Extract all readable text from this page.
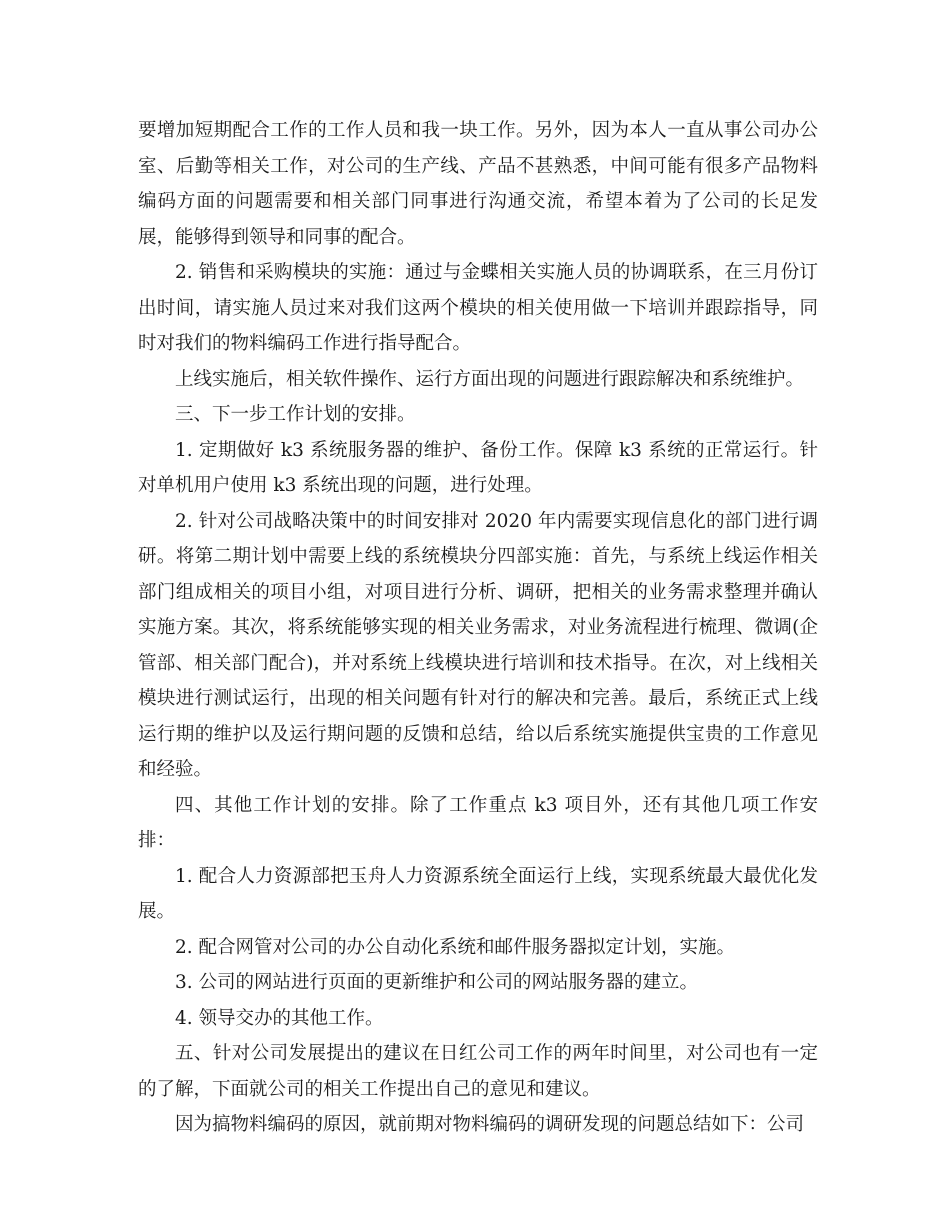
要增加短期配合工作的工作人员和我一块工作。另外，因为本人一直从事公司办公室、后勤等相关工作，对公司的生产线、产品不甚熟悉，中间可能有很多产品物料编码方面的问题需要和相关部门同事进行沟通交流，希望本着为了公司的长足发展，能够得到领导和同事的配合。

2. 销售和采购模块的实施：通过与金蝶相关实施人员的协调联系，在三月份订出时间，请实施人员过来对我们这两个模块的相关使用做一下培训并跟踪指导，同时对我们的物料编码工作进行指导配合。

上线实施后，相关软件操作、运行方面出现的问题进行跟踪解决和系统维护。

三、下一步工作计划的安排。

1. 定期做好 k3 系统服务器的维护、备份工作。保障 k3 系统的正常运行。针对单机用户使用 k3 系统出现的问题，进行处理。

2. 针对公司战略决策中的时间安排对 2020 年内需要实现信息化的部门进行调研。将第二期计划中需要上线的系统模块分四部实施：首先，与系统上线运作相关部门组成相关的项目小组，对项目进行分析、调研，把相关的业务需求整理并确认实施方案。其次，将系统能够实现的相关业务需求，对业务流程进行梳理、微调(企管部、相关部门配合)，并对系统上线模块进行培训和技术指导。在次，对上线相关模块进行测试运行，出现的相关问题有针对行的解决和完善。最后，系统正式上线运行期的维护以及运行期问题的反馈和总结，给以后系统实施提供宝贵的工作意见和经验。

四、其他工作计划的安排。除了工作重点 k3 项目外，还有其他几项工作安排：

1. 配合人力资源部把玉舟人力资源系统全面运行上线，实现系统最大最优化发展。

2. 配合网管对公司的办公自动化系统和邮件服务器拟定计划，实施。

3. 公司的网站进行页面的更新维护和公司的网站服务器的建立。

4. 领导交办的其他工作。

五、针对公司发展提出的建议在日红公司工作的两年时间里，对公司也有一定的了解，下面就公司的相关工作提出自己的意见和建议。

因为搞物料编码的原因，就前期对物料编码的调研发现的问题总结如下：公司
